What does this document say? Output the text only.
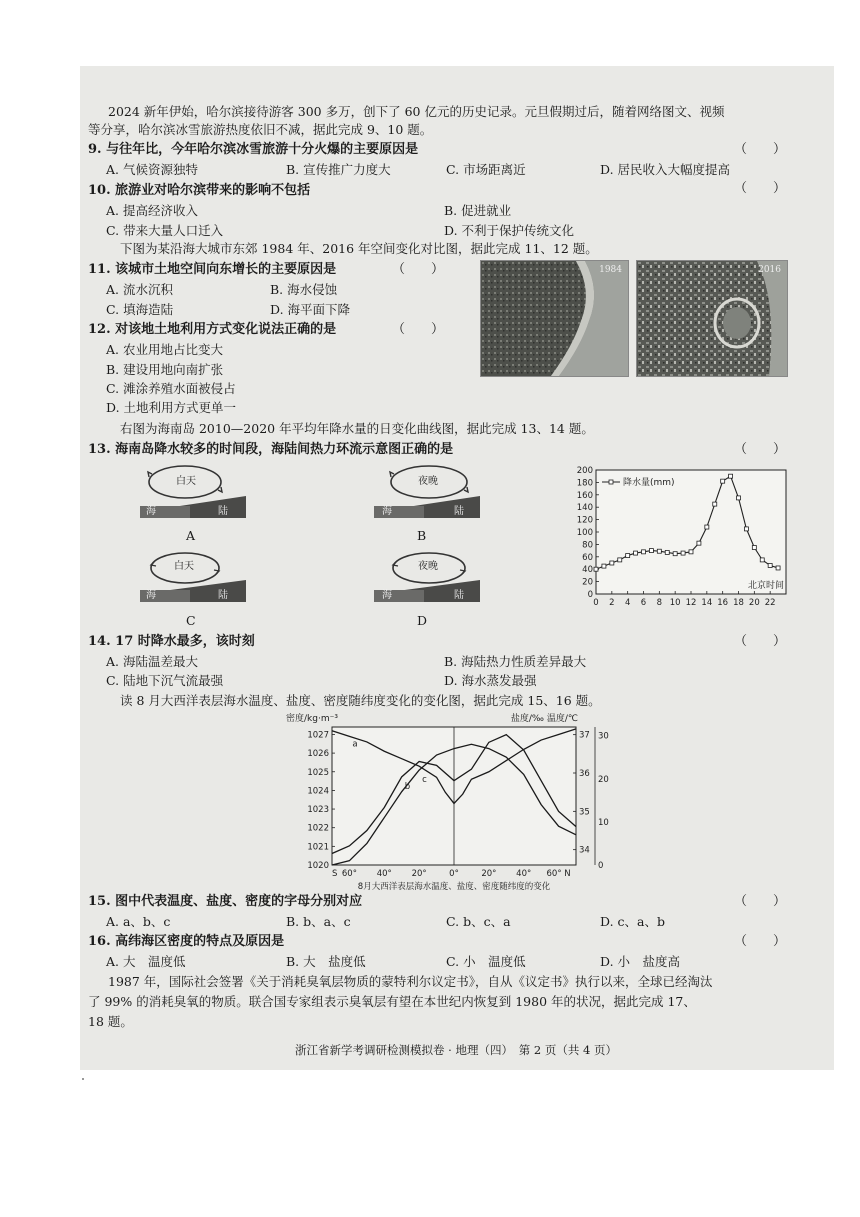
2024 新年伊始，哈尔滨接待游客 300 多万，创下了 60 亿元的历史记录。元旦假期过后，随着网络图文、视频
等分享，哈尔滨冰雪旅游热度依旧不减，据此完成 9、10 题。
9. 与往年比，今年哈尔滨冰雪旅游十分火爆的主要原因是	（　　）
A. 气候资源独特	B. 宣传推广力度大	C. 市场距离近	D. 居民收入大幅度提高
10. 旅游业对哈尔滨带来的影响不包括	（　　）
A. 提高经济收入	B. 促进就业
C. 带来大量人口迁入	D. 不利于保护传统文化
下图为某沿海大城市东郊 1984 年、2016 年空间变化对比图，据此完成 11、12 题。
11. 该城市土地空间向东增长的主要原因是	（　　）
A. 流水沉积	B. 海水侵蚀
C. 填海造陆	D. 海平面下降
12. 对该地土地利用方式变化说法正确的是	（　　）
A. 农业用地占比变大
B. 建设用地向南扩张
C. 滩涂养殖水面被侵占
D. 土地利用方式更单一
1984	2016
右图为海南岛 2010—2020 年平均年降水量的日变化曲线图，据此完成 13、14 题。
13. 海南岛降水较多的时间段，海陆间热力环流示意图正确的是	（　　）
白天
海	陆
A
夜晚
海	陆
B
白天
海	陆
C
夜晚
海	陆
D
0
20
40
60
80
100
120
140
160
180
200
0 2 4 6 8 10 12 14 16 18 20 22
北京时间
降水量(mm)
14. 17 时降水最多，该时刻	（　　）
A. 海陆温差最大	B. 海陆热力性质差异最大
C. 陆地下沉气流最强	D. 海水蒸发最强
读 8 月大西洋表层海水温度、盐度、密度随纬度变化的变化图，据此完成 15、16 题。
密度/kg·m⁻³	盐度/‰ 温度/℃
1020
1021
1022
1023
1024
1025
1026
1027
34
35
36
37
0
10
20
30
S 60° 40° 20°	0°	20° 40° 60° N
8月大西洋表层海水温度、盐度、密度随纬度的变化
a
b
c
15. 图中代表温度、盐度、密度的字母分别对应	（　　）
A. a、b、c	B. b、a、c	C. b、c、a	D. c、a、b
16. 高纬海区密度的特点及原因是	（　　）
A. 大　温度低	B. 大　盐度低	C. 小　温度低	D. 小　盐度高
1987 年，国际社会签署《关于消耗臭氧层物质的蒙特利尔议定书》，自从《议定书》执行以来，全球已经淘汰
了 99% 的消耗臭氧的物质。联合国专家组表示臭氧层有望在本世纪内恢复到 1980 年的状况，据此完成 17、
18 题。
浙江省新学考调研检测模拟卷 · 地理（四）　第 2 页（共 4 页）
